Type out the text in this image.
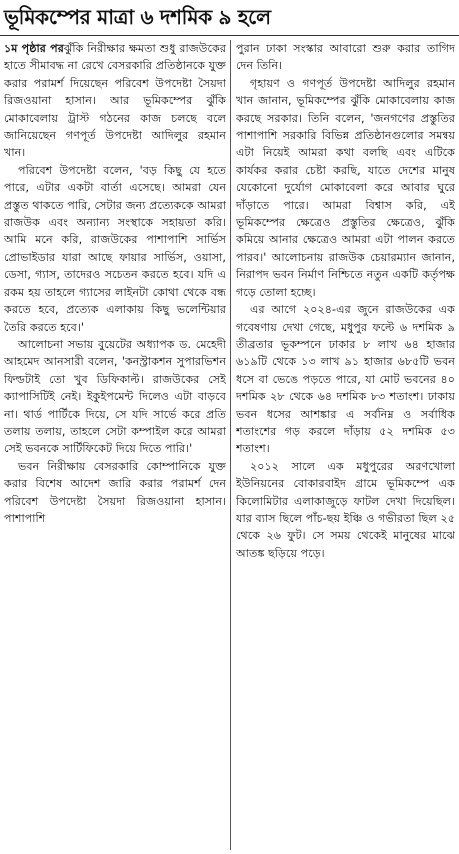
ভূমিকম্পের মাত্রা ৬ দশমিক ৯ হলে

১ম পৃষ্ঠার পরঝুঁকি নিরীক্ষার ক্ষমতা শুধু রাজউকের হাতে সীমাবদ্ধ না রেখে বেসরকারি প্রতিষ্ঠানকে যুক্ত করার পরামর্শ দিয়েছেন পরিবেশ উপদেষ্টা সৈয়দা রিজওয়ানা হাসান। আর ভূমিকম্পের ঝুঁকি মোকাবেলায় ট্রাস্ট গঠনের কাজ চলছে বলে জানিয়েছেন গণপূর্ত উপদেষ্টা আদিলুর রহমান খান।

পরিবেশ উপদেষ্টা বলেন, 'বড় কিছু যে হতে পারে, এটার একটা বার্তা এসেছে। আমরা যেন প্রস্তুত থাকতে পারি, সেটার জন্য প্রত্যেককে আমরা রাজউক এবং অন্যান্য সংস্থাকে সহায়তা করি। আমি মনে করি, রাজউকের পাশাপাশি সার্ভিস প্রোভাইডার যারা আছে ফায়ার সার্ভিস, ওয়াসা, ডেসা, গ্যাস, তাদেরও সচেতন করতে হবে। যদি এ রকম হয় তাহলে গ্যাসের লাইনটা কোথা থেকে বন্ধ করতে হবে, প্রত্যেক এলাকায় কিছু ভলেন্টিয়ার তৈরি করতে হবে।'

আলোচনা সভায় বুয়েটের অধ্যাপক ড. মেহেদী আহমেদ আনসারী বলেন, 'কনস্ট্রাকশন সুপারভিশন ফিল্ডটাই তো খুব ডিফিকাল্ট। রাজউকের সেই ক্যাপাসিটিই নেই। ইকুইপমেন্ট দিলেও এটা বাড়বে না। থার্ড পার্টিকে দিয়ে, সে যদি সার্ভে করে প্রতি তলায় তলায়, তাহলে সেটা কম্পাইল করে আমরা সেই ভবনকে সার্টিফিকেট দিয়ে দিতে পারি।'

ভবন নিরীক্ষায় বেসরকারি কোম্পানিকে যুক্ত করার বিশেষ আদেশ জারি করার পরামর্শ দেন পরিবেশ উপদেষ্টা সৈয়দা রিজওয়ানা হাসান। পাশাপাশি

পুরান ঢাকা সংস্কার আবারো শুরু করার তাগিদ দেন তিনি।

গৃহায়ণ ও গণপূর্ত উপদেষ্টা আদিলুর রহমান খান জানান, ভূমিকম্পের ঝুঁকি মোকাবেলায় কাজ করছে সরকার। তিনি বলেন, 'জনগণের প্রস্তুতির পাশাপাশি সরকারি বিভিন্ন প্রতিষ্ঠানগুলোর সমন্বয় এটা নিয়েই আমরা কথা বলছি এবং এটিকে কার্যকর করার চেষ্টা করছি, যাতে দেশের মানুষ যেকোনো দুর্যোগ মোকাবেলা করে আবার ঘুরে দাঁড়াতে পারে। আমরা বিশ্বাস করি, এই ভূমিকম্পের ক্ষেত্রেও প্রস্তুতির ক্ষেত্রেও, ঝুঁকি কমিয়ে আনার ক্ষেত্রেও আমরা এটা পালন করতে পারব।' আলোচনায় রাজউক চেয়ারম্যান জানান, নিরাপদ ভবন নির্মাণ নিশ্চিতে নতুন একটি কর্তৃপক্ষ গড়ে তোলা হচ্ছে।

এর আগে ২০২৪-এর জুনে রাজউকের এক গবেষণায় দেখা গেছে, মধুপুর ফল্টে ৬ দশমিক ৯ তীব্রতার ভূকম্পনে ঢাকার ৮ লাখ ৬৪ হাজার ৬১৯টি থেকে ১৩ লাখ ৯১ হাজার ৬৮৫টি ভবন ধসে বা ভেঙে পড়তে পারে, যা মোট ভবনের ৪০ দশমিক ২৮ থেকে ৬৪ দশমিক ৮৩ শতাংশ। ঢাকায় ভবন ধসের আশঙ্কার এ সর্বনিম্ন ও সর্বাধিক শতাংশের গড় করলে দাঁড়ায় ৫২ দশমিক ৫৩ শতাংশ।

২০১২ সালে এক মধুপুরের অরণখোলা ইউনিয়নের বোকারবাইদ গ্রামে ভূমিকম্পে এক কিলোমিটার এলাকাজুড়ে ফাটল দেখা দিয়েছিল। যার ব্যাস ছিলে পাঁচ-ছয় ইঞ্চি ও গভীরতা ছিল ২৫ থেকে ২৬ ফুট। সে সময় থেকেই মানুষের মাঝে আতঙ্ক ছড়িয়ে পড়ে।
